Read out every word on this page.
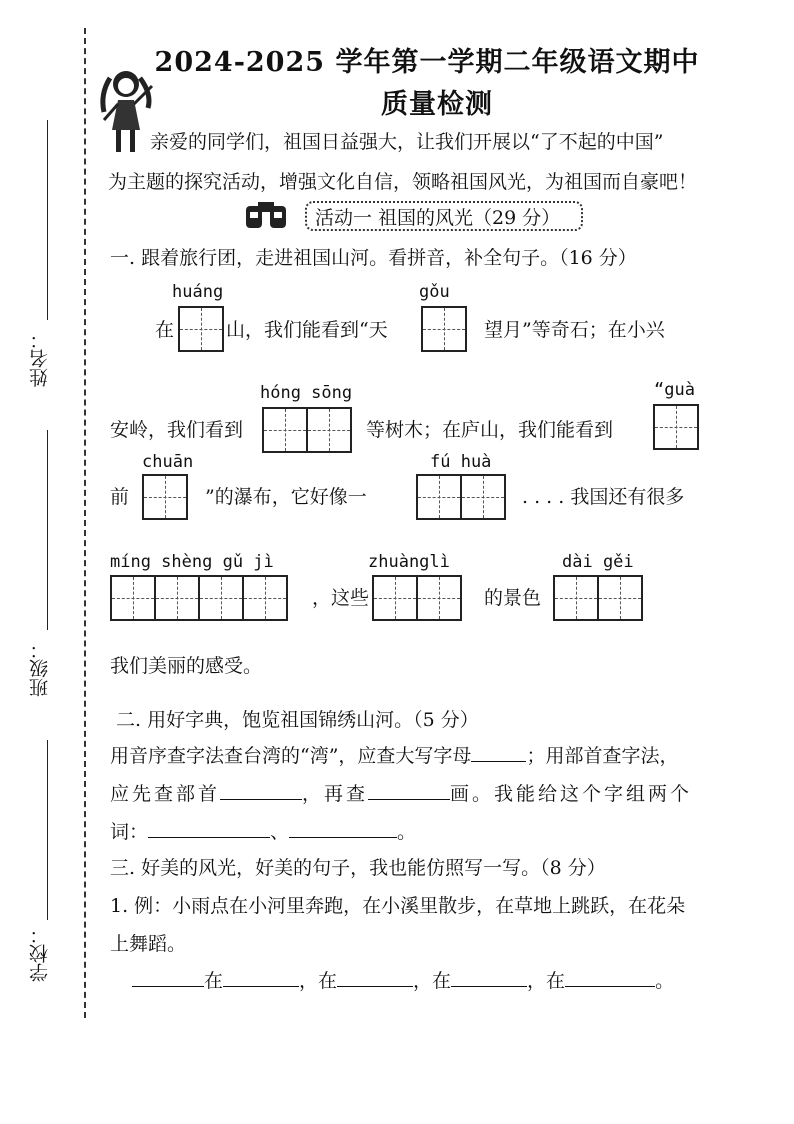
姓名：
班级：
学校：
2024-2025 学年第一学期二年级语文期中
质量检测
亲爱的同学们，祖国日益强大，让我们开展以“了不起的中国”
为主题的探究活动，增强文化自信，领略祖国风光，为祖国而自豪吧！
活动一 祖国的风光（29 分）
一. 跟着旅行团，走进祖国山河。看拼音，补全句子。（16 分）
huáng	gǒu
在	山，我们能看到“天	望月”等奇石；在小兴
hóng sōng	“guà
安岭，我们看到	等树木；在庐山，我们能看到
chuān	fú huà
前	”的瀑布，它好像一	. . . . 我国还有很多
míng shèng gǔ jì	zhuànglì	dài gěi
，这些	的景色
我们美丽的感受。
二. 用好字典，饱览祖国锦绣山河。（5 分）
用音序查字法查台湾的“湾”，应查大写字母	；用部首查字法，
应先查部首	，再查	画。我能给这个字组两个
词：	、	。
三. 好美的风光，好美的句子，我也能仿照写一写。（8 分）
1. 例：小雨点在小河里奔跑，在小溪里散步，在草地上跳跃，在花朵
上舞蹈。
在	，在	，在	，在	。
